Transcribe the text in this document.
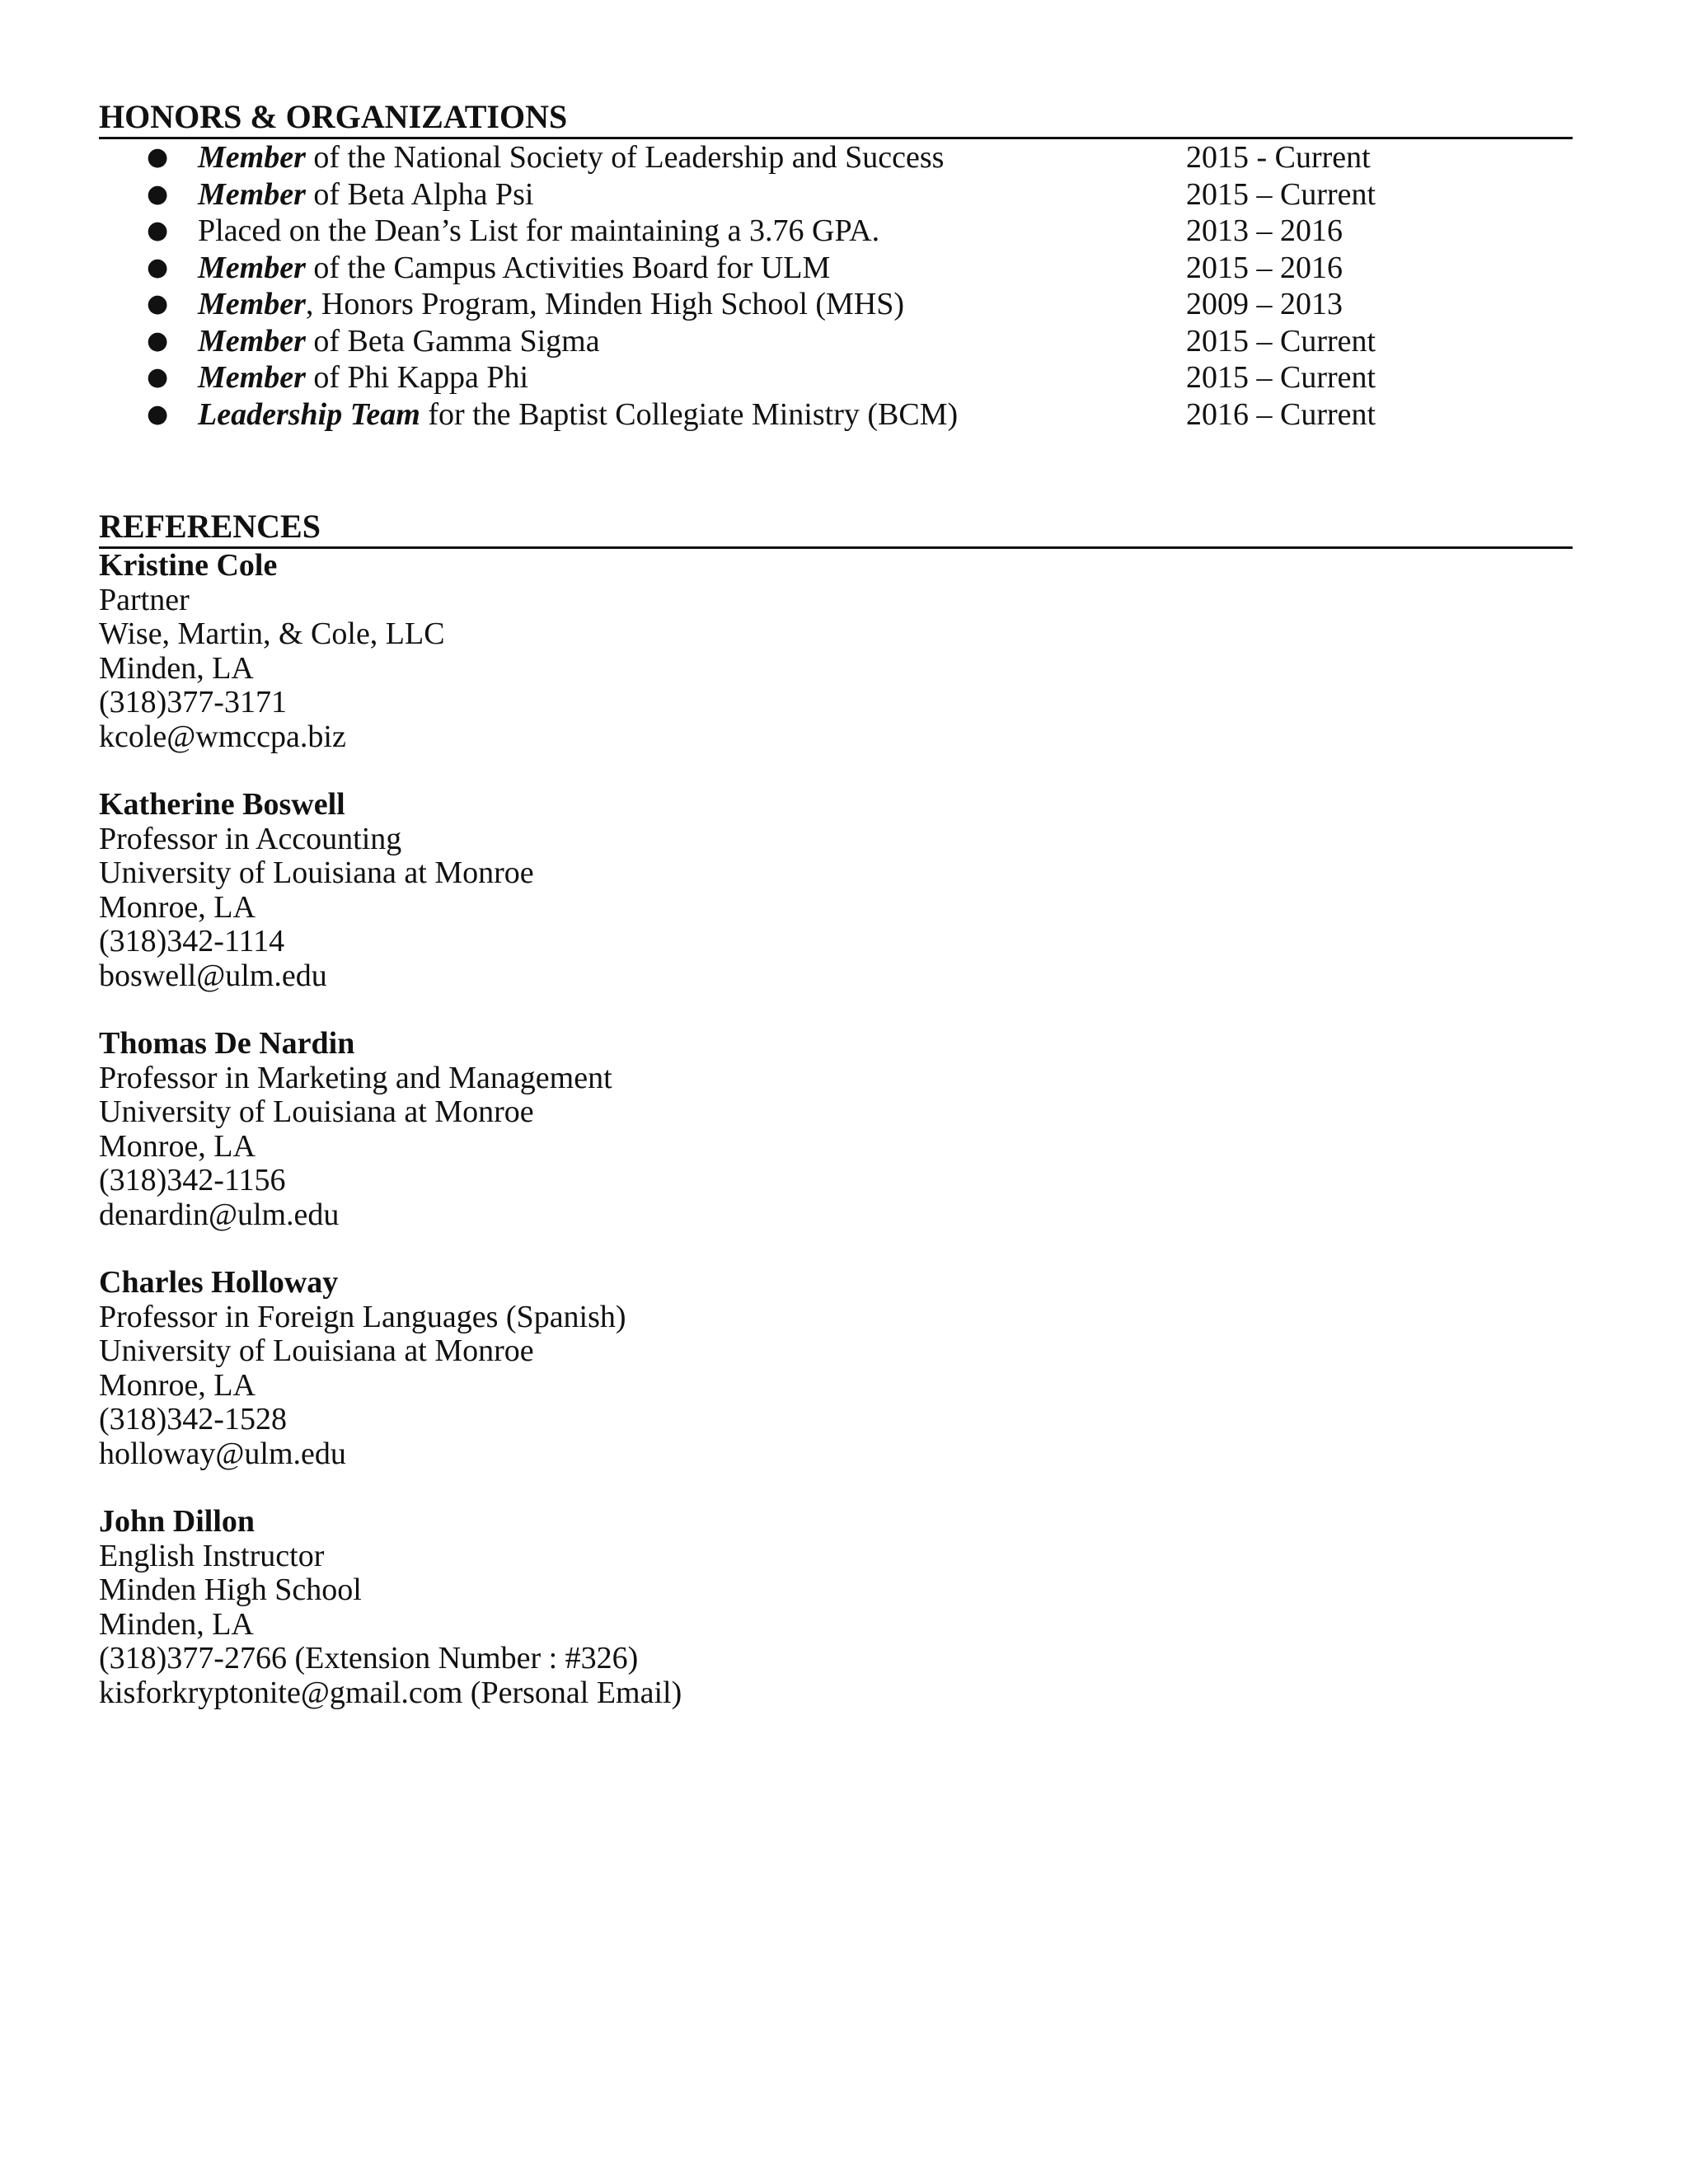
HONORS & ORGANIZATIONS
● Member of the National Society of Leadership and Success	2015 - Current
● Member of Beta Alpha Psi	2015 – Current
● Placed on the Dean’s List for maintaining a 3.76 GPA.	2013 – 2016
● Member of the Campus Activities Board for ULM	2015 – 2016
● Member, Honors Program, Minden High School (MHS)	2009 – 2013
● Member of Beta Gamma Sigma	2015 – Current
● Member of Phi Kappa Phi	2015 – Current
● Leadership Team for the Baptist Collegiate Ministry (BCM)	2016 – Current
REFERENCES
Kristine Cole
Partner
Wise, Martin, & Cole, LLC
Minden, LA
(318)377-3171
kcole@wmccpa.biz
Katherine Boswell
Professor in Accounting
University of Louisiana at Monroe
Monroe, LA
(318)342-1114
boswell@ulm.edu
Thomas De Nardin
Professor in Marketing and Management
University of Louisiana at Monroe
Monroe, LA
(318)342-1156
denardin@ulm.edu
Charles Holloway
Professor in Foreign Languages (Spanish)
University of Louisiana at Monroe
Monroe, LA
(318)342-1528
holloway@ulm.edu
John Dillon
English Instructor
Minden High School
Minden, LA
(318)377-2766 (Extension Number : #326)
kisforkryptonite@gmail.com (Personal Email)
